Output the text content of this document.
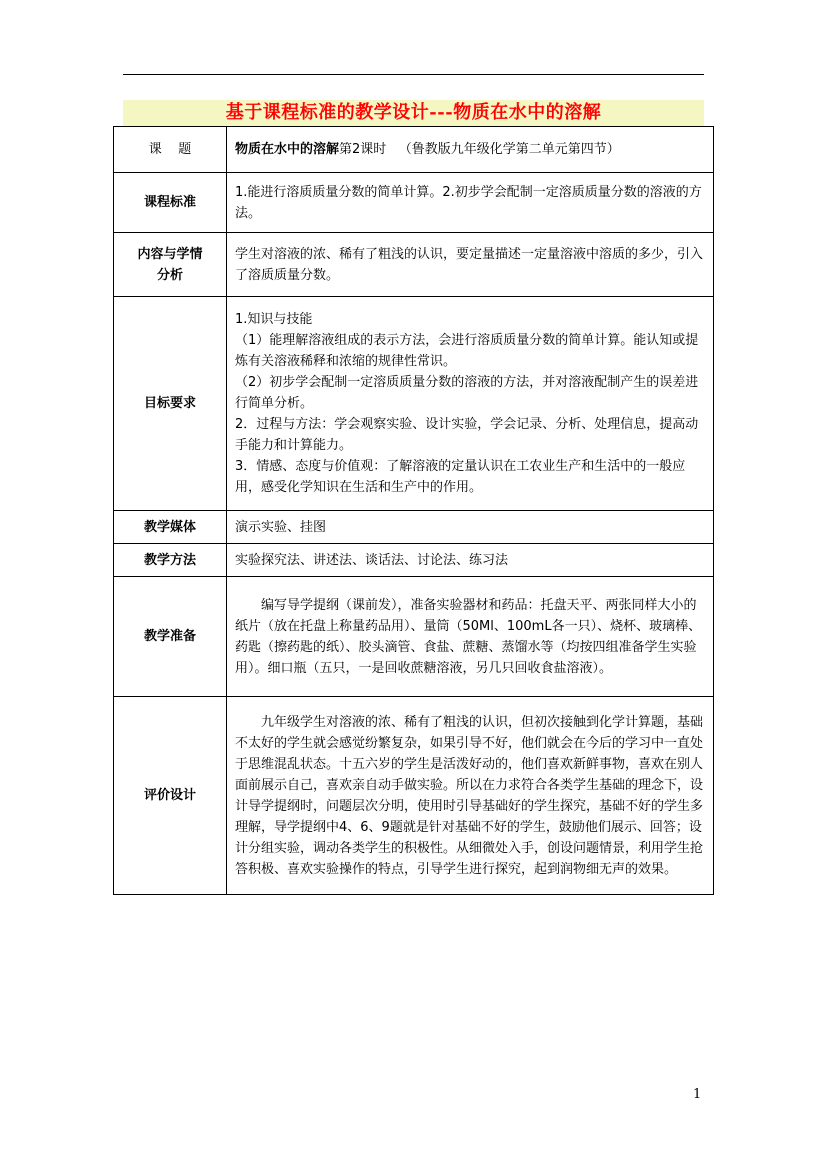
基于课程标准的教学设计---物质在水中的溶解
课    题	物质在水中的溶解第2课时 （鲁教版九年级化学第二单元第四节）
课程标准	1.能进行溶质质量分数的简单计算。2.初步学会配制一定溶质质量分数的溶液的方法。

内容与学情
分析	学生对溶液的浓、稀有了粗浅的认识，要定量描述一定量溶液中溶质的多少，引入了溶质质量分数。

目标要求	1.知识与技能

（1）能理解溶液组成的表示方法，会进行溶质质量分数的简单计算。能认知或提炼有关溶液稀释和浓缩的规律性常识。

（2）初步学会配制一定溶质质量分数的溶液的方法，并对溶液配制产生的误差进行简单分析。

2．过程与方法：学会观察实验、设计实验，学会记录、分析、处理信息，提高动手能力和计算能力。

3．情感、态度与价值观：了解溶液的定量认识在工农业生产和生活中的一般应用，感受化学知识在生活和生产中的作用。

教学媒体	演示实验、挂图
教学方法	实验探究法、讲述法、谈话法、讨论法、练习法
教学准备	编写导学提纲（课前发），准备实验器材和药品：托盘天平、两张同样大小的纸片（放在托盘上称量药品用）、量筒（50Ml、100mL各一只）、烧杯、玻璃棒、药匙（擦药匙的纸）、胶头滴管、食盐、蔗糖、蒸馏水等（均按四组准备学生实验用）。细口瓶（五只，一是回收蔗糖溶液，另几只回收食盐溶液）。

评价设计	九年级学生对溶液的浓、稀有了粗浅的认识，但初次接触到化学计算题，基础不太好的学生就会感觉纷繁复杂，如果引导不好，他们就会在今后的学习中一直处于思维混乱状态。十五六岁的学生是活泼好动的，他们喜欢新鲜事物，喜欢在别人面前展示自己，喜欢亲自动手做实验。所以在力求符合各类学生基础的理念下，设计导学提纲时，问题层次分明，使用时引导基础好的学生探究，基础不好的学生多理解，导学提纲中4、6、9题就是针对基础不好的学生，鼓励他们展示、回答；设计分组实验，调动各类学生的积极性。从细微处入手，创设问题情景，利用学生抢答积极、喜欢实验操作的特点，引导学生进行探究，起到润物细无声的效果。

1
